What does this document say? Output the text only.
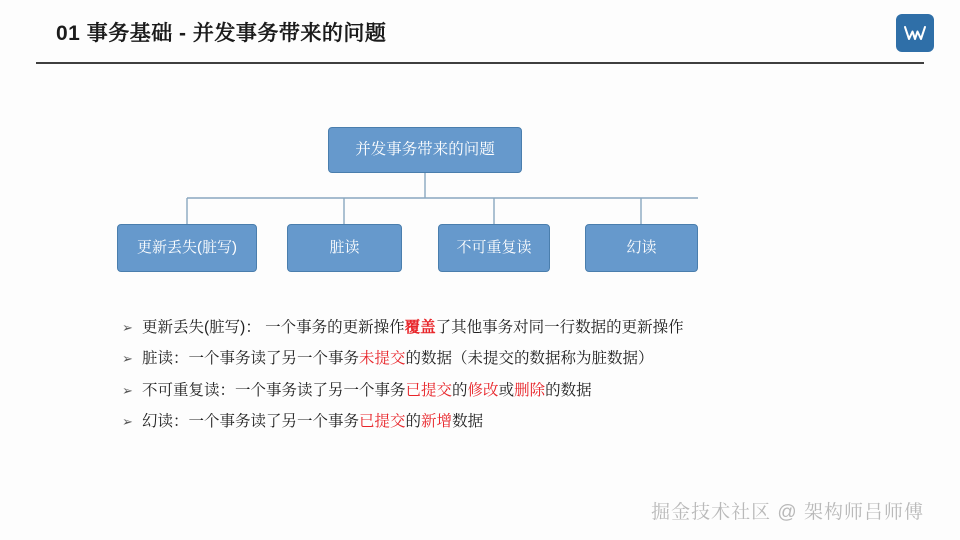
01 事务基础 - 并发事务带来的问题
并发事务带来的问题
更新丢失(脏写)	脏读	不可重复读	幻读
➢ 更新丢失(脏写)： 一个事务的更新操作覆盖了其他事务对同一行数据的更新操作
➢ 脏读：一个事务读了另一个事务未提交的数据（未提交的数据称为脏数据）
➢ 不可重复读：一个事务读了另一个事务已提交的修改或删除的数据
➢ 幻读：一个事务读了另一个事务已提交的新增数据
掘金技术社区 @ 架构师吕师傅
